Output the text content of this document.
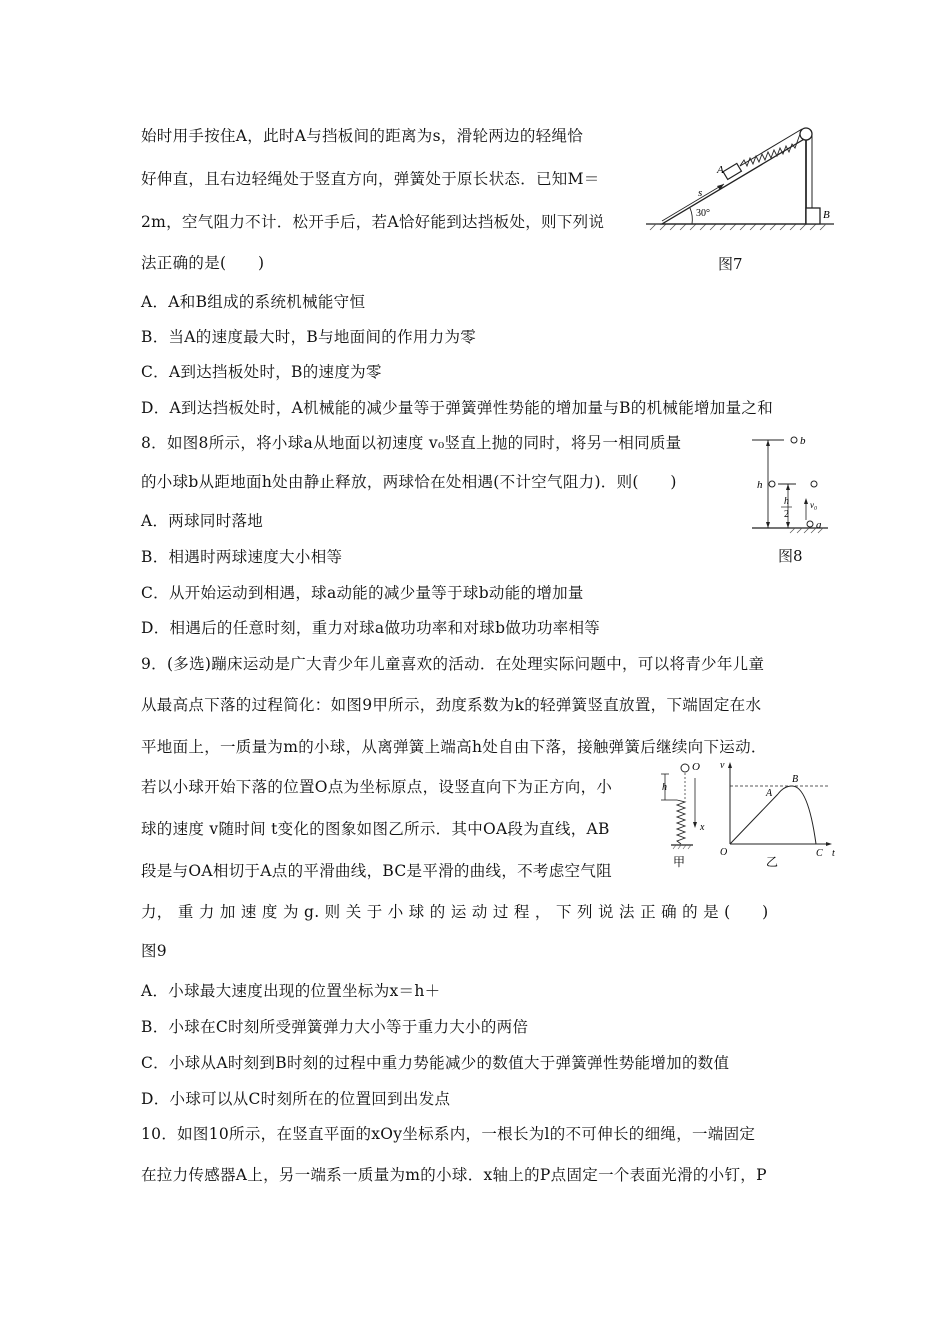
始时用手按住A，此时A与挡板间的距离为s，滑轮两边的轻绳恰
好伸直，且右边轻绳处于竖直方向，弹簧处于原长状态．已知M＝
2m，空气阻力不计．松开手后，若A恰好能到达挡板处，则下列说
法正确的是(　　)
A
B
s
30°
图7
A．A和B组成的系统机械能守恒
B．当A的速度最大时，B与地面间的作用力为零
C．A到达挡板处时，B的速度为零
D．A到达挡板处时，A机械能的减少量等于弹簧弹性势能的增加量与B的机械能增加量之和
8．如图8所示，将小球a从地面以初速度 v₀竖直上抛的同时，将另一相同质量
的小球b从距地面h处由静止释放，两球恰在处相遇(不计空气阻力)．则(　　)
b
h
h
2
v₀
a
图8
A．两球同时落地
B．相遇时两球速度大小相等
C．从开始运动到相遇，球a动能的减少量等于球b动能的增加量
D．相遇后的任意时刻，重力对球a做功功率和对球b做功功率相等
9．(多选)蹦床运动是广大青少年儿童喜欢的活动．在处理实际问题中，可以将青少年儿童
从最高点下落的过程简化：如图9甲所示，劲度系数为k的轻弹簧竖直放置，下端固定在水
平地面上，一质量为m的小球，从离弹簧上端高h处自由下落，接触弹簧后继续向下运动．
若以小球开始下落的位置O点为坐标原点，设竖直向下为正方向，小
球的速度 v随时间 t变化的图象如图乙所示．其中OA段为直线，AB
段是与OA相切于A点的平滑曲线，BC是平滑的曲线，不考虑空气阻
力， 重 力 加 速 度 为 g. 则 关 于 小 球 的 运 动 过 程 ， 下 列 说 法 正 确 的 是 (　　)
图9
O
h
x
甲
v
t
O
A
B
C
乙
A．小球最大速度出现的位置坐标为x＝h＋
B．小球在C时刻所受弹簧弹力大小等于重力大小的两倍
C．小球从A时刻到B时刻的过程中重力势能减少的数值大于弹簧弹性势能增加的数值
D．小球可以从C时刻所在的位置回到出发点
10．如图10所示，在竖直平面的xOy坐标系内，一根长为l的不可伸长的细绳，一端固定
在拉力传感器A上，另一端系一质量为m的小球．x轴上的P点固定一个表面光滑的小钉，P
